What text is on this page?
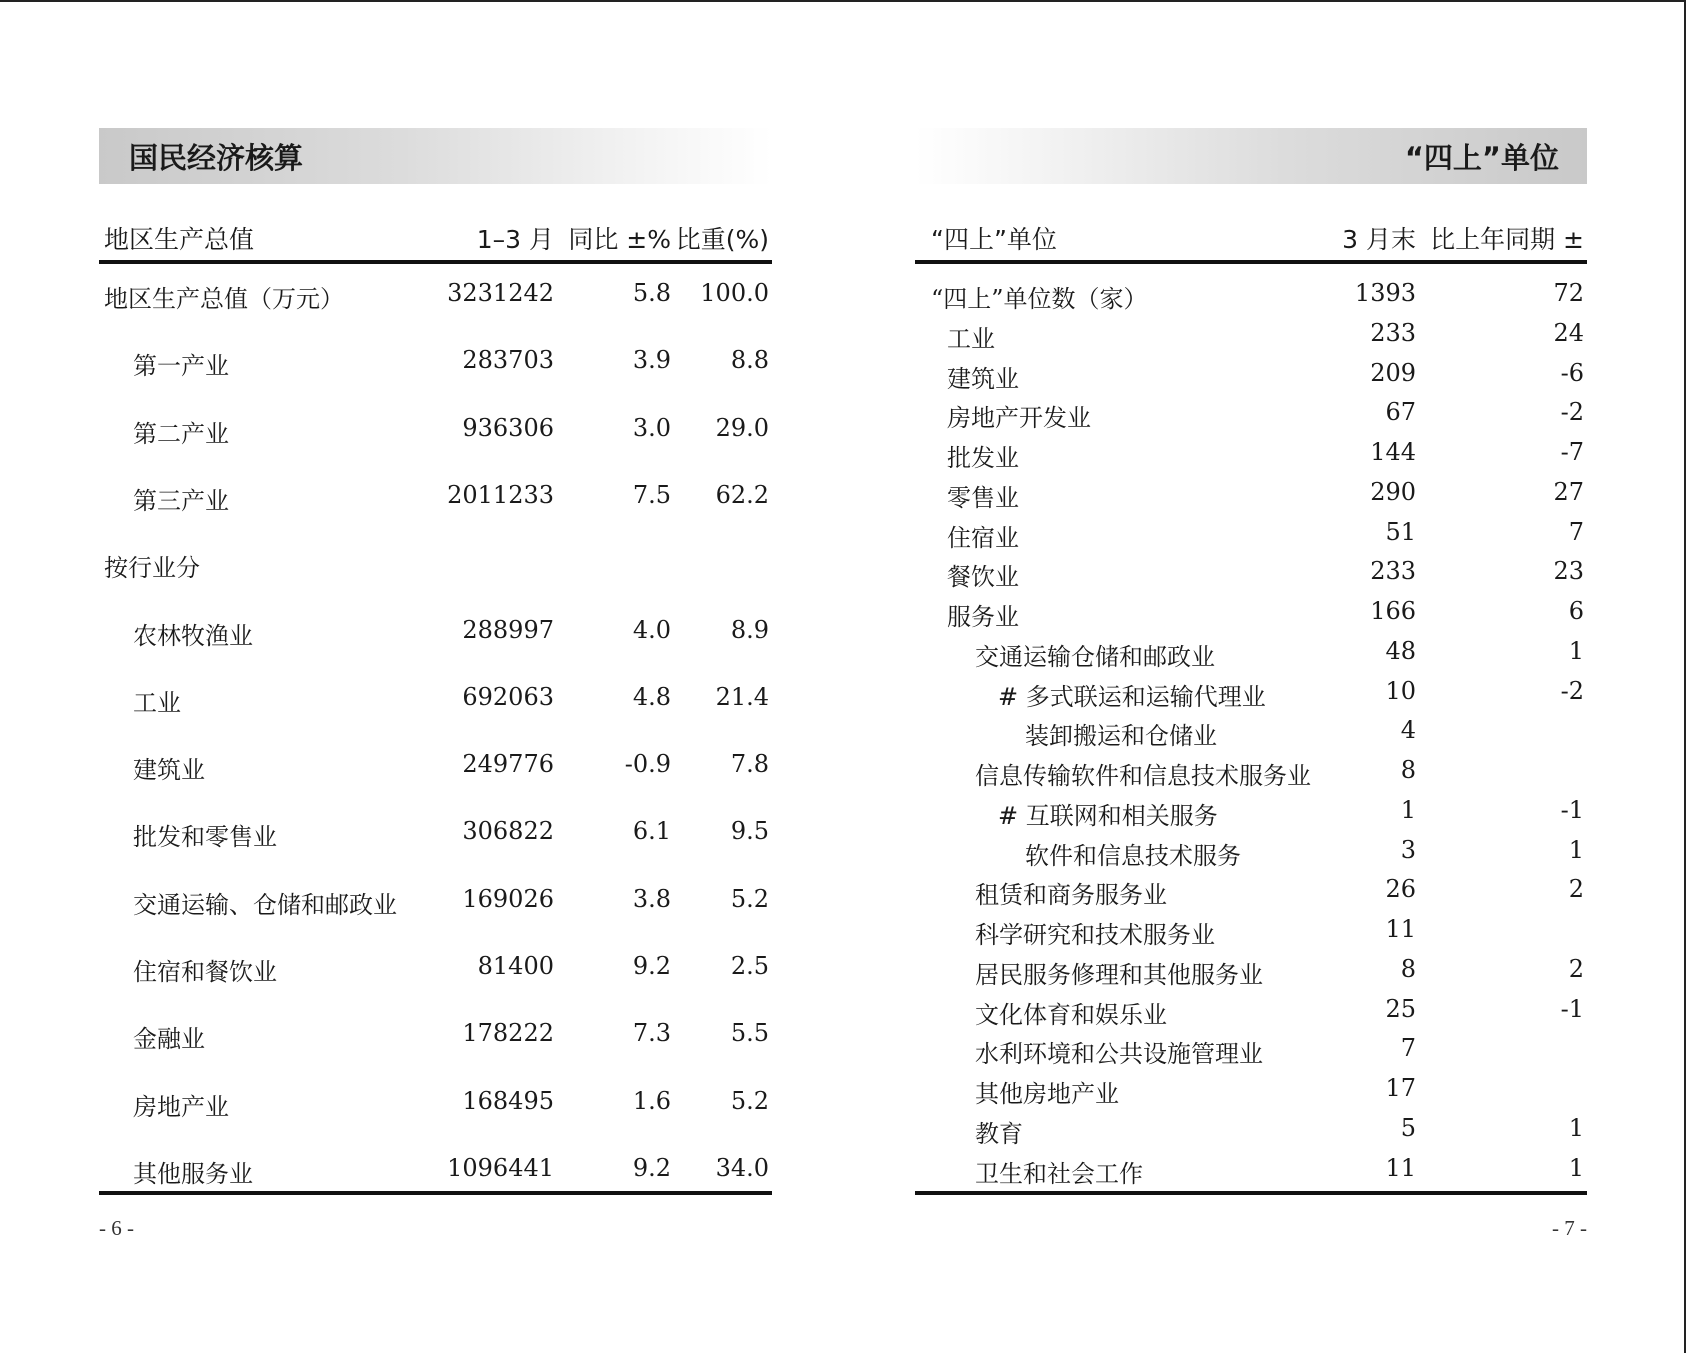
国民经济核算
地区生产总值	1–3 月 同比 ±% 比重(%)
地区生产总值（万元）	3231242	5.8 100.0
第一产业	283703	3.9 8.8
第二产业	936306	3.0 29.0
第三产业	2011233	7.5 62.2
按行业分
农林牧渔业	288997	4.0 8.9
工业	692063	4.8 21.4
建筑业	249776	-0.9 7.8
批发和零售业	306822	6.1 9.5
交通运输、仓储和邮政业	169026	3.8 5.2
住宿和餐饮业	81400	9.2 2.5
金融业	178222	7.3 5.5
房地产业	168495	1.6 5.2
其他服务业	1096441	9.2 34.0
- 6 -
“四上”单位
“四上”单位	3 月末 比上年同期 ±
“四上”单位数（家）	1393	72
工业	233	24
建筑业	209	-6
房地产开发业	67	-2
批发业	144	-7
零售业	290	27
住宿业	51	7
餐饮业	233	23
服务业	166	6
交通运输仓储和邮政业	48	1
# 多式联运和运输代理业	10	-2
装卸搬运和仓储业	4
信息传输软件和信息技术服务业	8
# 互联网和相关服务	1	-1
软件和信息技术服务	3	1
租赁和商务服务业	26	2
科学研究和技术服务业	11
居民服务修理和其他服务业	8	2
文化体育和娱乐业	25	-1
水利环境和公共设施管理业	7
其他房地产业	17
教育	5	1
卫生和社会工作	11	1
- 7 -
